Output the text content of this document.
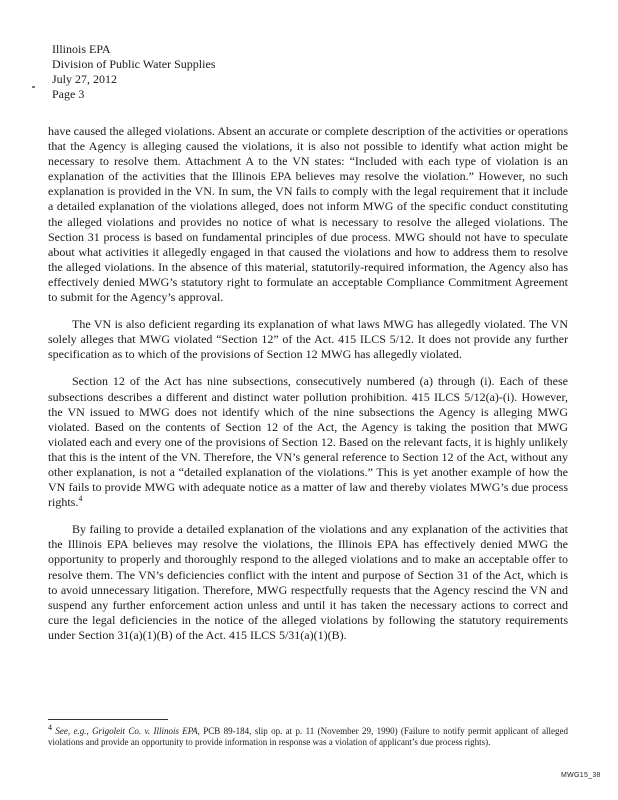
Illinois EPA
Division of Public Water Supplies
July 27, 2012
Page 3

have caused the alleged violations. Absent an accurate or complete description of the activities or operations that the Agency is alleging caused the violations, it is also not possible to identify what action might be necessary to resolve them. Attachment A to the VN states: “Included with each type of violation is an explanation of the activities that the Illinois EPA believes may resolve the violation.” However, no such explanation is provided in the VN. In sum, the VN fails to comply with the legal requirement that it include a detailed explanation of the violations alleged, does not inform MWG of the specific conduct constituting the alleged violations and provides no notice of what is necessary to resolve the alleged violations. The Section 31 process is based on fundamental principles of due process. MWG should not have to speculate about what activities it allegedly engaged in that caused the violations and how to address them to resolve the alleged violations. In the absence of this material, statutorily-required information, the Agency also has effectively denied MWG’s statutory right to formulate an acceptable Compliance Commitment Agreement to submit for the Agency’s approval.

The VN is also deficient regarding its explanation of what laws MWG has allegedly violated. The VN solely alleges that MWG violated “Section 12” of the Act. 415 ILCS 5/12. It does not provide any further specification as to which of the provisions of Section 12 MWG has allegedly violated.

Section 12 of the Act has nine subsections, consecutively numbered (a) through (i). Each of these subsections describes a different and distinct water pollution prohibition. 415 ILCS 5/12(a)-(i). However, the VN issued to MWG does not identify which of the nine subsections the Agency is alleging MWG violated. Based on the contents of Section 12 of the Act, the Agency is taking the position that MWG violated each and every one of the provisions of Section 12. Based on the relevant facts, it is highly unlikely that this is the intent of the VN. Therefore, the VN’s general reference to Section 12 of the Act, without any other explanation, is not a “detailed explanation of the violations.” This is yet another example of how the VN fails to provide MWG with adequate notice as a matter of law and thereby violates MWG’s due process rights.$^4$

By failing to provide a detailed explanation of the violations and any explanation of the activities that the Illinois EPA believes may resolve the violations, the Illinois EPA has effectively denied MWG the opportunity to properly and thoroughly respond to the alleged violations and to make an acceptable offer to resolve them. The VN’s deficiencies conflict with the intent and purpose of Section 31 of the Act, which is to avoid unnecessary litigation. Therefore, MWG respectfully requests that the Agency rescind the VN and suspend any further enforcement action unless and until it has taken the necessary actions to correct and cure the legal deficiencies in the notice of the alleged violations by following the statutory requirements under Section 31(a)(1)(B) of the Act. 415 ILCS 5/31(a)(1)(B).

$^4$ See, e.g., Grigoleit Co. v. Illinois EPA, PCB 89-184, slip op. at p. 11 (November 29, 1990) (Failure to notify permit applicant of alleged violations and provide an opportunity to provide information in response was a violation of applicant’s due process rights).
MWG15_38
